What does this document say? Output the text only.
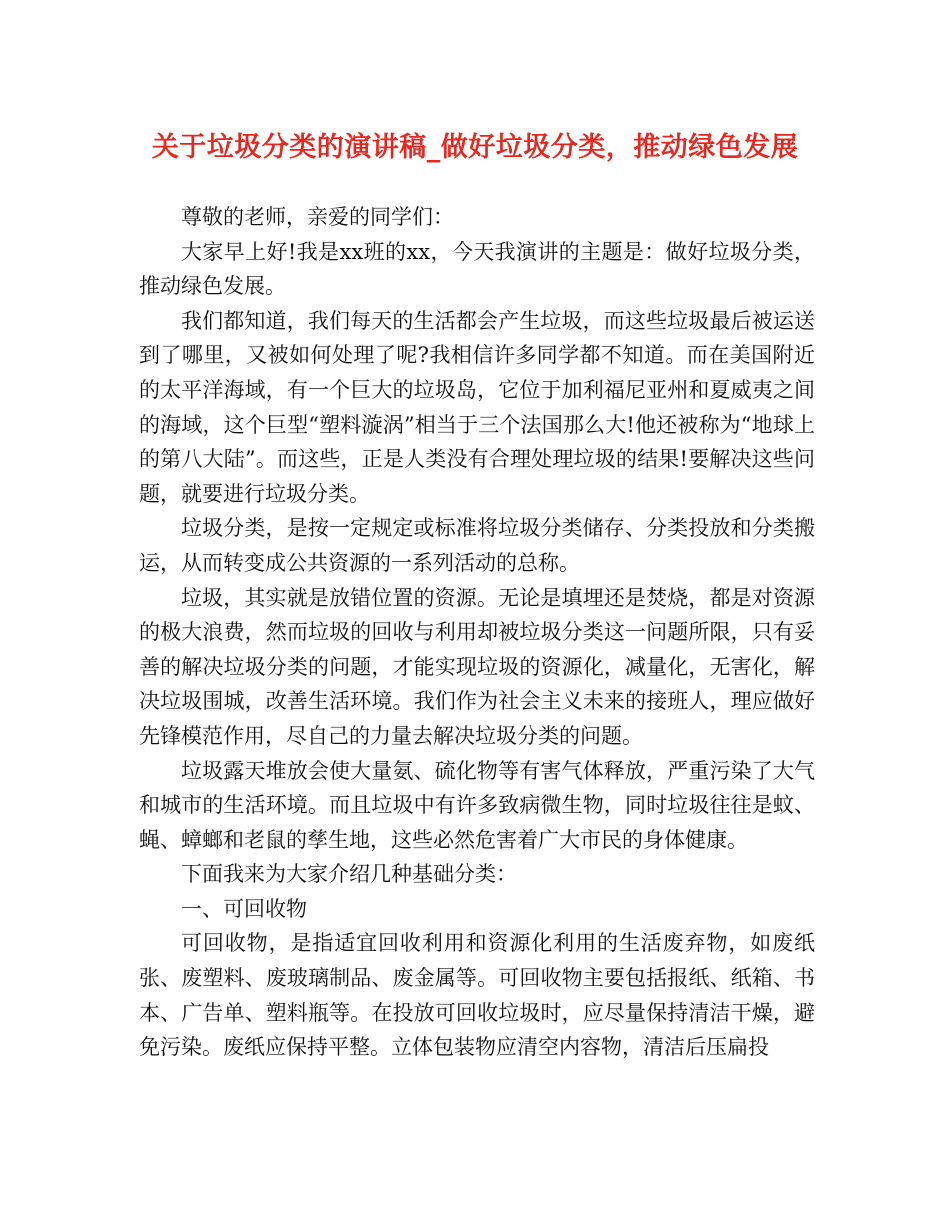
关于垃圾分类的演讲稿_做好垃圾分类，推动绿色发展

尊敬的老师，亲爱的同学们：

大家早上好!我是xx班的xx，今天我演讲的主题是：做好垃圾分类，推动绿色发展。

我们都知道，我们每天的生活都会产生垃圾，而这些垃圾最后被运送到了哪里，又被如何处理了呢?我相信许多同学都不知道。而在美国附近的太平洋海域，有一个巨大的垃圾岛，它位于加利福尼亚州和夏威夷之间的海域，这个巨型“塑料漩涡”相当于三个法国那么大!他还被称为“地球上的第八大陆”。而这些，正是人类没有合理处理垃圾的结果!要解决这些问题，就要进行垃圾分类。

垃圾分类，是按一定规定或标准将垃圾分类储存、分类投放和分类搬运，从而转变成公共资源的一系列活动的总称。

垃圾，其实就是放错位置的资源。无论是填埋还是焚烧，都是对资源的极大浪费，然而垃圾的回收与利用却被垃圾分类这一问题所限，只有妥善的解决垃圾分类的问题，才能实现垃圾的资源化，减量化，无害化，解决垃圾围城，改善生活环境。我们作为社会主义未来的接班人，理应做好先锋模范作用，尽自己的力量去解决垃圾分类的问题。

垃圾露天堆放会使大量氨、硫化物等有害气体释放，严重污染了大气和城市的生活环境。而且垃圾中有许多致病微生物，同时垃圾往往是蚊、蝇、蟑螂和老鼠的孳生地，这些必然危害着广大市民的身体健康。

下面我来为大家介绍几种基础分类：

一、可回收物

可回收物，是指适宜回收利用和资源化利用的生活废弃物，如废纸张、废塑料、废玻璃制品、废金属等。可回收物主要包括报纸、纸箱、书本、广告单、塑料瓶等。在投放可回收垃圾时，应尽量保持清洁干燥，避免污染。废纸应保持平整。立体包装物应清空内容物，清洁后压扁投
